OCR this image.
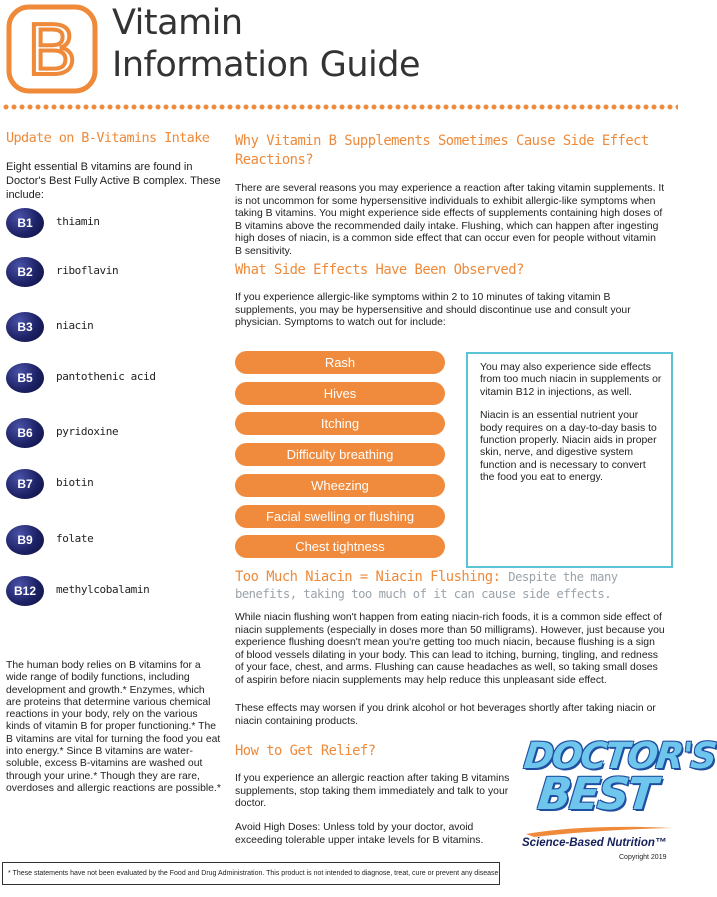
B Vitamin
Information Guide
Update on B-Vitamins Intake
Eight essential B vitamins are found in Doctor's Best Fully Active B complex. These include:
B1	thiamin
B2	riboflavin
B3	niacin
B5	pantothenic acid
B6	pyridoxine
B7	biotin
B9	folate
B12	methylcobalamin
The human body relies on B vitamins for a wide range of bodily functions, including development and growth.* Enzymes, which are proteins that determine various chemical reactions in your body, rely on the various kinds of vitamin B for proper functioning.* The B vitamins are vital for turning the food you eat into energy.* Since B vitamins are water-soluble, excess B-vitamins are washed out through your urine.* Though they are rare, overdoses and allergic reactions are possible.*
Why Vitamin B Supplements Sometimes Cause Side Effect Reactions?
There are several reasons you may experience a reaction after taking vitamin supplements. It is not uncommon for some hypersensitive individuals to exhibit allergic-like symptoms when taking B vitamins. You might experience side effects of supplements containing high doses of B vitamins above the recommended daily intake. Flushing, which can happen after ingesting high doses of niacin, is a common side effect that can occur even for people without vitamin B sensitivity.
What Side Effects Have Been Observed?
If you experience allergic-like symptoms within 2 to 10 minutes of taking vitamin B supplements, you may be hypersensitive and should discontinue use and consult your physician. Symptoms to watch out for include:
Rash
Hives
Itching
Difficulty breathing
Wheezing
Facial swelling or flushing
Chest tightness

You may also experience side effects from too much niacin in supplements or vitamin B12 in injections, as well.

Niacin is an essential nutrient your body requires on a day-to-day basis to function properly. Niacin aids in proper skin, nerve, and digestive system function and is necessary to convert the food you eat to energy.

Too Much Niacin = Niacin Flushing: Despite the many benefits, taking too much of it can cause side effects.
While niacin flushing won't happen from eating niacin-rich foods, it is a common side effect of niacin supplements (especially in doses more than 50 milligrams). However, just because you experience flushing doesn't mean you're getting too much niacin, because flushing is a sign of blood vessels dilating in your body. This can lead to itching, burning, tingling, and redness of your face, chest, and arms. Flushing can cause headaches as well, so taking small doses of aspirin before niacin supplements may help reduce this unpleasant side effect.
These effects may worsen if you drink alcohol or hot beverages shortly after taking niacin or niacin containing products.
How to Get Relief?
If you experience an allergic reaction after taking B vitamins supplements, stop taking them immediately and talk to your doctor.
Avoid High Doses: Unless told by your doctor, avoid exceeding tolerable upper intake levels for B vitamins.
* These statements have not been evaluated by the Food and Drug Administration. This product is not intended to diagnose, treat, cure or prevent any disease.
DOCTOR'S
BEST
Science-Based Nutrition™
Copyright 2019
